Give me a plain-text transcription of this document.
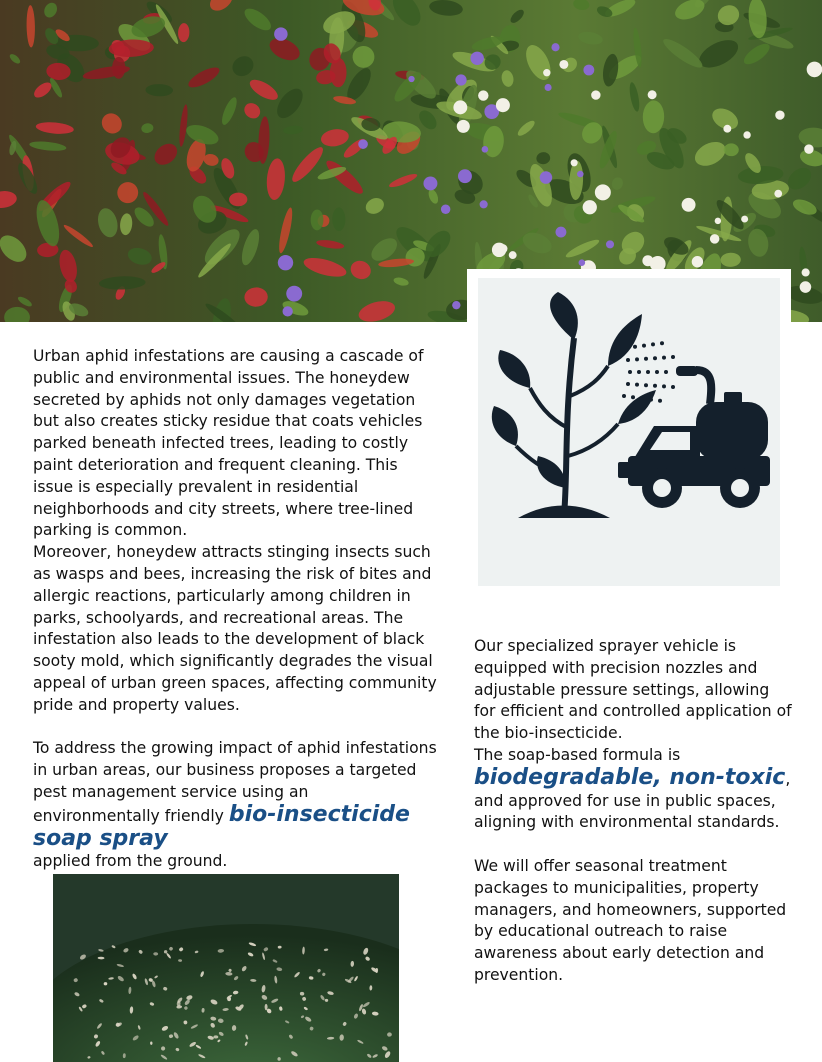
Urban aphid infestations are causing a cascade of public and environmental issues. The honeydew secreted by aphids not only damages vegetation but also creates sticky residue that coats vehicles parked beneath infected trees, leading to costly paint deterioration and frequent cleaning. This issue is especially prevalent in residential neighborhoods and city streets, where tree-lined parking is common.

Moreover, honeydew attracts stinging insects such as wasps and bees, increasing the risk of bites and allergic reactions, particularly among children in parks, schoolyards, and recreational areas. The infestation also leads to the development of black sooty mold, which significantly degrades the visual appeal of urban green spaces, affecting community pride and property values.

To address the growing impact of aphid infestations in urban areas, our business proposes a targeted pest management service using an environmentally friendly bio-insecticide soap spray
applied from the ground.

Our specialized sprayer vehicle is equipped with precision nozzles and adjustable pressure settings, allowing for efficient and controlled application of the bio-insecticide.

The soap-based formula is
biodegradable, non-toxic,
and approved for use in public spaces, aligning with environmental standards.

We will offer seasonal treatment packages to municipalities, property managers, and homeowners, supported by educational outreach to raise awareness about early detection and prevention.
